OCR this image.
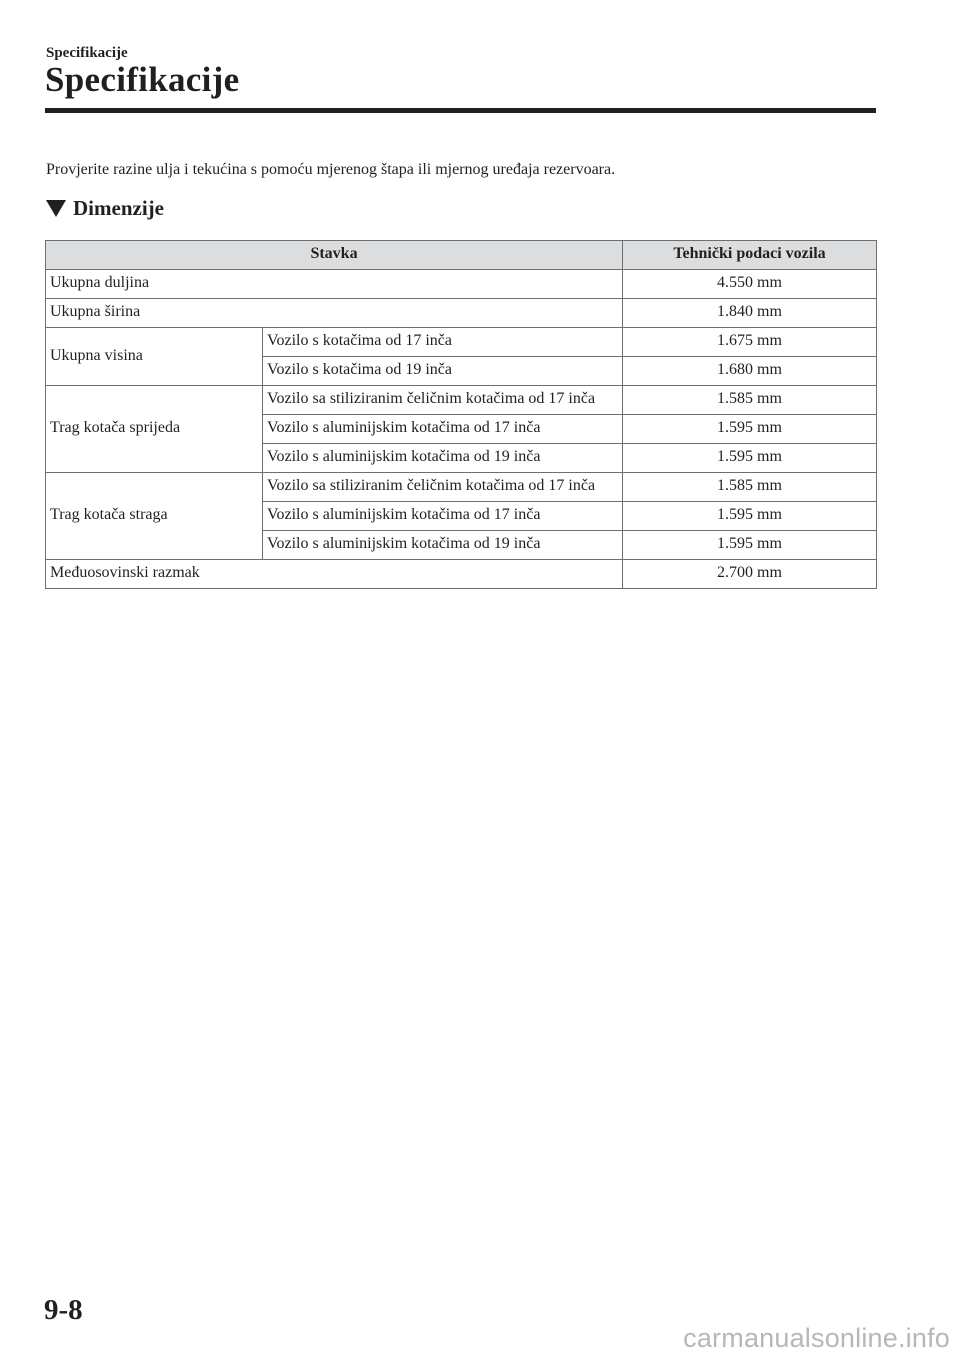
Specifikacije
Specifikacije
Provjerite razine ulja i tekućina s pomoću mjerenog štapa ili mjernog uređaja rezervoara.
Dimenzije
Stavka		Tehnički podaci vozila
Ukupna duljina		4.550 mm
Ukupna širina		1.840 mm
Ukupna visina	Vozilo s kotačima od 17 inča	1.675 mm
	Vozilo s kotačima od 19 inča	1.680 mm
Trag kotača sprijeda	Vozilo sa stiliziranim čeličnim kotačima od 17 inča	1.585 mm
	Vozilo s aluminijskim kotačima od 17 inča	1.595 mm
	Vozilo s aluminijskim kotačima od 19 inča	1.595 mm
Trag kotača straga	Vozilo sa stiliziranim čeličnim kotačima od 17 inča	1.585 mm
	Vozilo s aluminijskim kotačima od 17 inča	1.595 mm
	Vozilo s aluminijskim kotačima od 19 inča	1.595 mm
Međuosovinski razmak		2.700 mm
9-8
carmanualsonline.info
